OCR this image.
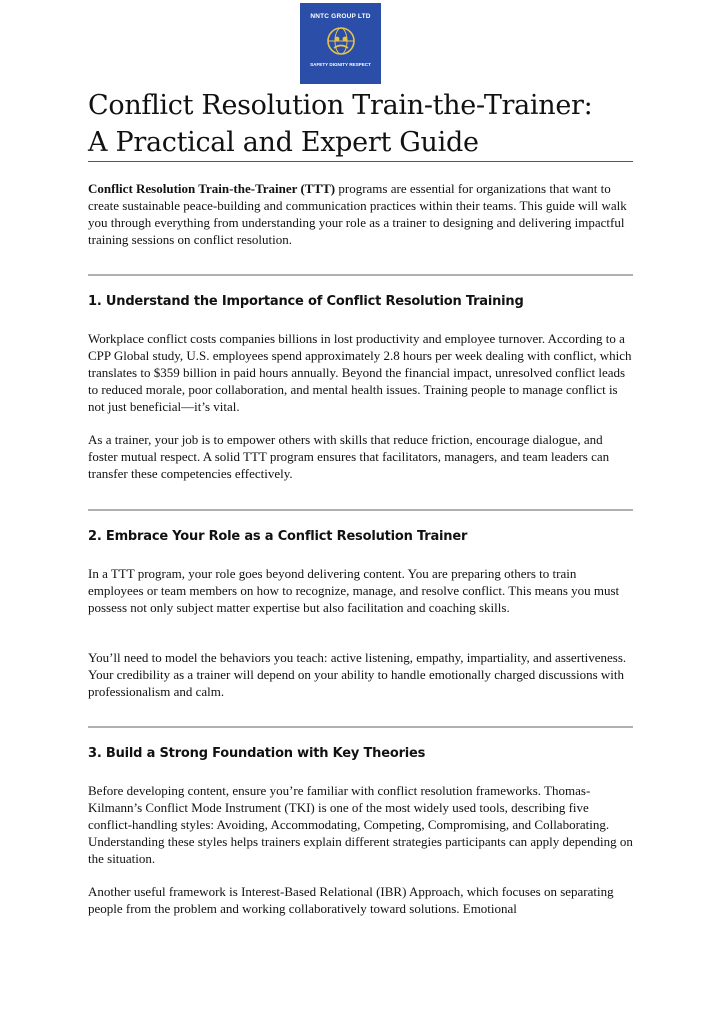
NNTC GROUP LTD
SAFETY DIGNITY RESPECT
Conflict Resolution Train-the-Trainer:
A Practical and Expert Guide

Conflict Resolution Train-the-Trainer (TTT) programs are essential for organizations that want to create sustainable peace-building and communication practices within their teams. This guide will walk you through everything from understanding your role as a trainer to designing and delivering impactful training sessions on conflict resolution.

1. Understand the Importance of Conflict Resolution Training

Workplace conflict costs companies billions in lost productivity and employee turnover. According to a CPP Global study, U.S. employees spend approximately 2.8 hours per week dealing with conflict, which translates to $359 billion in paid hours annually. Beyond the financial impact, unresolved conflict leads to reduced morale, poor collaboration, and mental health issues. Training people to manage conflict is not just beneficial—it’s vital.

As a trainer, your job is to empower others with skills that reduce friction, encourage dialogue, and foster mutual respect. A solid TTT program ensures that facilitators, managers, and team leaders can transfer these competencies effectively.

2. Embrace Your Role as a Conflict Resolution Trainer

In a TTT program, your role goes beyond delivering content. You are preparing others to train employees or team members on how to recognize, manage, and resolve conflict. This means you must possess not only subject matter expertise but also facilitation and coaching skills.

You’ll need to model the behaviors you teach: active listening, empathy, impartiality, and assertiveness. Your credibility as a trainer will depend on your ability to handle emotionally charged discussions with professionalism and calm.

3. Build a Strong Foundation with Key Theories

Before developing content, ensure you’re familiar with conflict resolution frameworks. Thomas-Kilmann’s Conflict Mode Instrument (TKI) is one of the most widely used tools, describing five conflict-handling styles: Avoiding, Accommodating, Competing, Compromising, and Collaborating. Understanding these styles helps trainers explain different strategies participants can apply depending on the situation.

Another useful framework is Interest-Based Relational (IBR) Approach, which focuses on separating people from the problem and working collaboratively toward solutions. Emotional
